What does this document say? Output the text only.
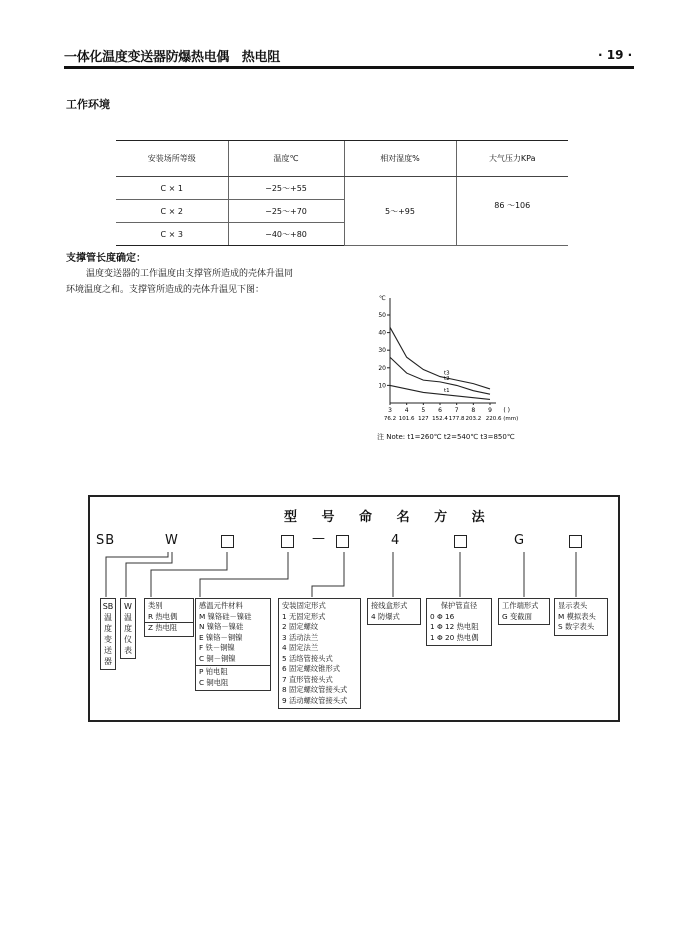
一体化温度变送器防爆热电偶　热电阻	· 19 ·
工作环境
安装场所等级	温度℃	相对湿度%	大气压力KPa
C × 1	−25～+55	5～+95	86 ～106
C × 2	−25～+70		
C × 3	−40～+80		
支撑管长度确定：
温度变送器的工作温度由支撑管所造成的壳体升温同
环境温度之和。支撑管所造成的壳体升温见下图：
℃
10
20
30
40
50
3 4 5 6 7 8 9 ( )
76.2 101.6 127 152.4 177.8 203.2 220.6 (mm)
t3
t2
t1
注 Note: t1=260℃ t2=540℃ t3=850℃
型 号 命 名 方 法
SB	W	—	4	G
SB
温
度
变
送
器
W
温
度
仪
表
类别
R 热电偶
Z 热电阻
感温元件材料
M 镍铬硅－镍硅
N 镍铬－镍硅
E 镍铬－铜镍
F 铁－铜镍
C 铜－铜镍
P 铂电阻
C 铜电阻
安装固定形式
1 无固定形式
2 固定螺纹
3 活动法兰
4 固定法兰
5 活络管接头式
6 固定螺纹锥形式
7 直形管接头式
8 固定螺纹管接头式
9 活动螺纹管接头式
接线盒形式
4 防爆式
保护管直径
0 Φ 16
1 Φ 12 热电阻
1 Φ 20 热电偶
工作端形式
G 变截面
显示表头
M 模拟表头
S 数字表头
